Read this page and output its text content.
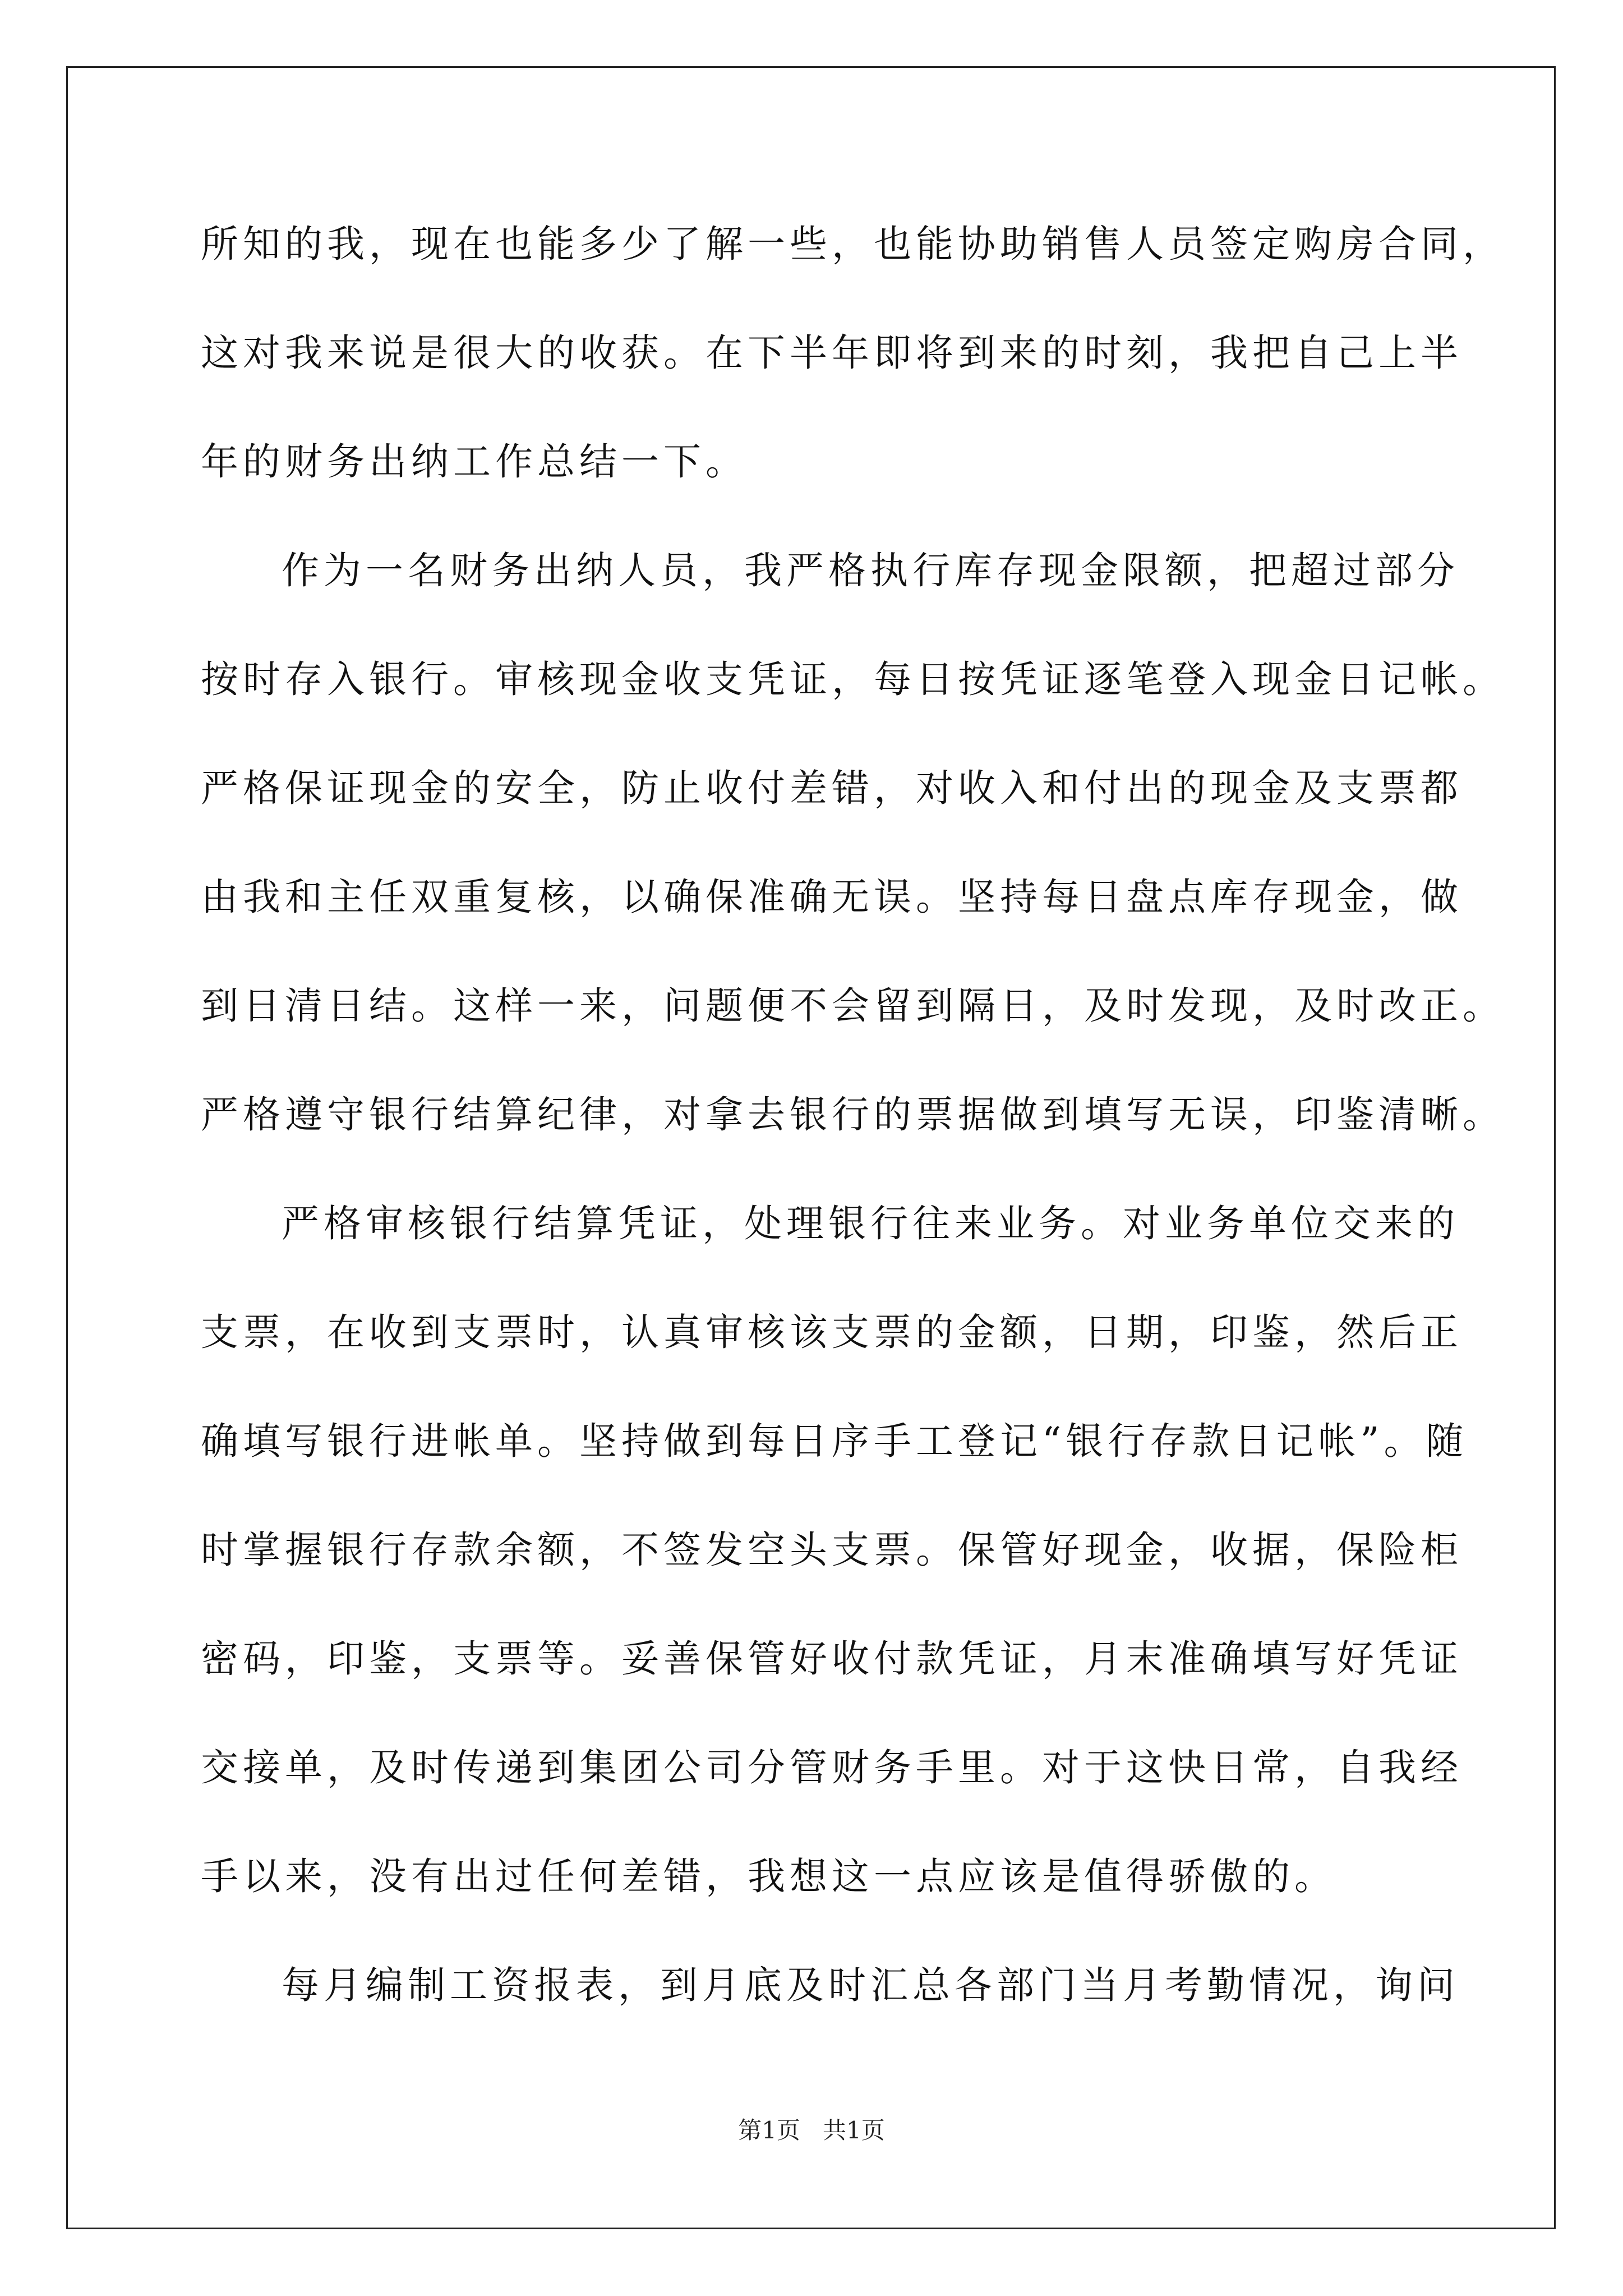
所知的我，现在也能多少了解一些，也能协助销售人员签定购房合同，
这对我来说是很大的收获。在下半年即将到来的时刻，我把自己上半
年的财务出纳工作总结一下。
作为一名财务出纳人员，我严格执行库存现金限额，把超过部分
按时存入银行。审核现金收支凭证，每日按凭证逐笔登入现金日记帐。
严格保证现金的安全，防止收付差错，对收入和付出的现金及支票都
由我和主任双重复核，以确保准确无误。坚持每日盘点库存现金，做
到日清日结。这样一来，问题便不会留到隔日，及时发现，及时改正。
严格遵守银行结算纪律，对拿去银行的票据做到填写无误，印鉴清晰。
严格审核银行结算凭证，处理银行往来业务。对业务单位交来的
支票，在收到支票时，认真审核该支票的金额，日期，印鉴，然后正
确填写银行进帐单。坚持做到每日序手工登记“银行存款日记帐”。随
时掌握银行存款余额，不签发空头支票。保管好现金，收据，保险柜
密码，印鉴，支票等。妥善保管好收付款凭证，月末准确填写好凭证
交接单，及时传递到集团公司分管财务手里。对于这快日常，自我经
手以来，没有出过任何差错，我想这一点应该是值得骄傲的。
每月编制工资报表，到月底及时汇总各部门当月考勤情况，询问
第1页   共1页
